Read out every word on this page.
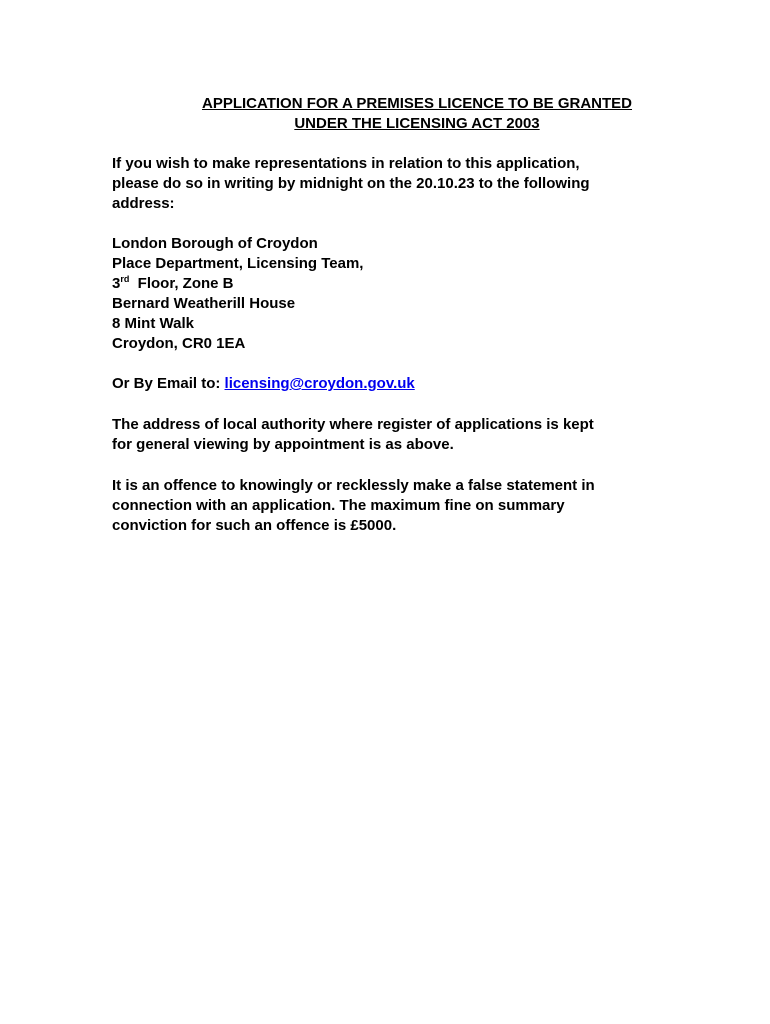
APPLICATION FOR A PREMISES LICENCE TO BE GRANTED
UNDER THE LICENSING ACT 2003
If you wish to make representations in relation to this application,
please do so in writing by midnight on the 20.10.23 to the following
address:
London Borough of Croydon
Place Department, Licensing Team,
3rd  Floor, Zone B
Bernard Weatherill House
8 Mint Walk
Croydon, CR0 1EA
Or By Email to: licensing@croydon.gov.uk
The address of local authority where register of applications is kept
for general viewing by appointment is as above.
It is an offence to knowingly or recklessly make a false statement in
connection with an application. The maximum fine on summary
conviction for such an offence is £5000.
